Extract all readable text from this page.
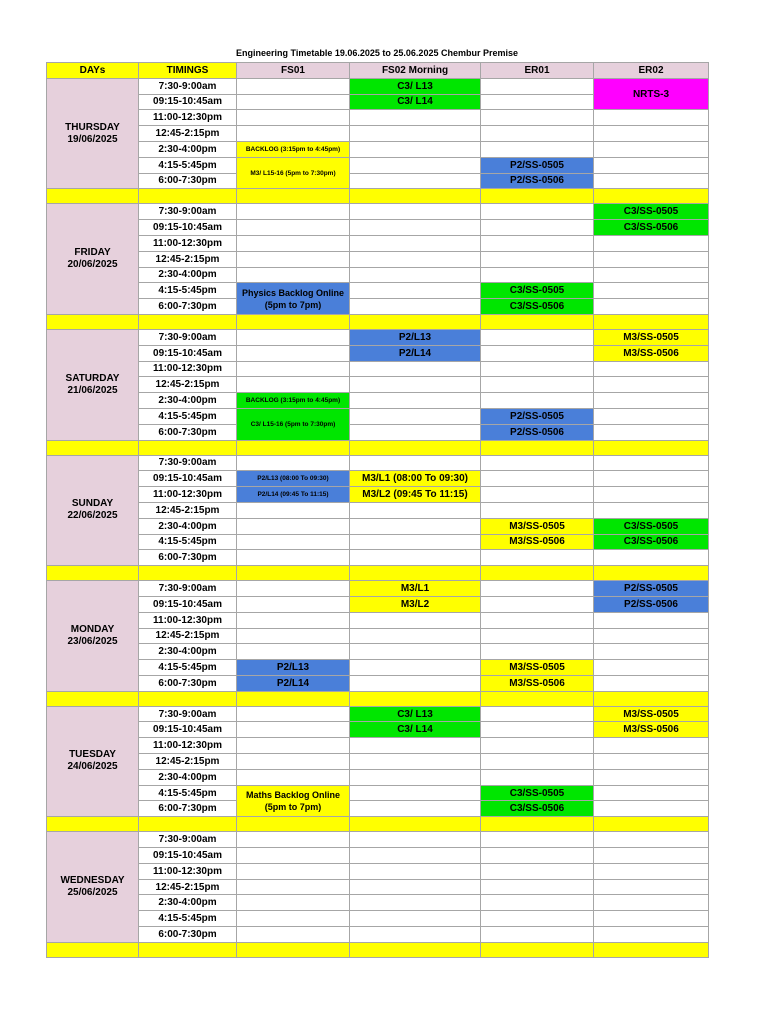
Engineering Timetable 19.06.2025 to 25.06.2025 Chembur Premise
DAYs	TIMINGS	FS01	FS02 Morning	ER01	ER02

THURSDAY
19/06/2025	7:30-9:00am		C3/ L13		NRTS-3
	09:15-10:45am		C3/ L14		
	11:00-12:30pm				
	12:45-2:15pm				
	2:30-4:00pm	BACKLOG (3:15pm to 4:45pm)			
	4:15-5:45pm	M3/ L15-16 (5pm to 7:30pm)		P2/SS-0505	
	6:00-7:30pm			P2/SS-0506	

FRIDAY
20/06/2025	7:30-9:00am				C3/SS-0505
	09:15-10:45am				C3/SS-0506
	11:00-12:30pm				
	12:45-2:15pm				
	2:30-4:00pm				
	4:15-5:45pm	Physics Backlog Online (5pm to 7pm)		C3/SS-0505	
	6:00-7:30pm			C3/SS-0506	

SATURDAY
21/06/2025	7:30-9:00am		P2/L13		M3/SS-0505
	09:15-10:45am		P2/L14		M3/SS-0506
	11:00-12:30pm				
	12:45-2:15pm				
	2:30-4:00pm	BACKLOG (3:15pm to 4:45pm)			
	4:15-5:45pm	C3/ L15-16 (5pm to 7:30pm)		P2/SS-0505	
	6:00-7:30pm			P2/SS-0506	

SUNDAY
22/06/2025	7:30-9:00am				
	09:15-10:45am	P2/L13 (08:00 To 09:30)	M3/L1 (08:00 To 09:30)		
	11:00-12:30pm	P2/L14 (09:45 To 11:15)	M3/L2 (09:45 To 11:15)		
	12:45-2:15pm				
	2:30-4:00pm			M3/SS-0505	C3/SS-0505
	4:15-5:45pm			M3/SS-0506	C3/SS-0506
	6:00-7:30pm				

MONDAY
23/06/2025	7:30-9:00am		M3/L1		P2/SS-0505
	09:15-10:45am		M3/L2		P2/SS-0506
	11:00-12:30pm				
	12:45-2:15pm				
	2:30-4:00pm				
	4:15-5:45pm	P2/L13		M3/SS-0505	
	6:00-7:30pm	P2/L14		M3/SS-0506	

TUESDAY
24/06/2025	7:30-9:00am		C3/ L13		M3/SS-0505
	09:15-10:45am		C3/ L14		M3/SS-0506
	11:00-12:30pm				
	12:45-2:15pm				
	2:30-4:00pm				
	4:15-5:45pm	Maths Backlog Online (5pm to 7pm)		C3/SS-0505	
	6:00-7:30pm			C3/SS-0506	

WEDNESDAY
25/06/2025	7:30-9:00am				
	09:15-10:45am				
	11:00-12:30pm				
	12:45-2:15pm				
	2:30-4:00pm				
	4:15-5:45pm				
	6:00-7:30pm				
